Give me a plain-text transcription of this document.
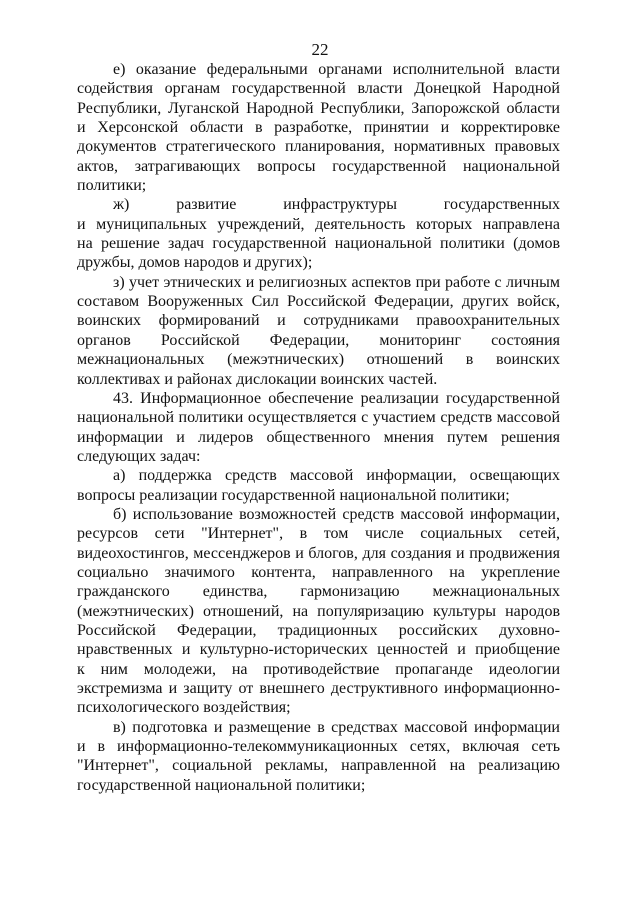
22
е) оказание федеральными органами исполнительной власти
содействия органам государственной власти Донецкой Народной
Республики, Луганской Народной Республики, Запорожской области
и Херсонской области в разработке, принятии и корректировке
документов стратегического планирования, нормативных правовых
актов, затрагивающих вопросы государственной национальной
политики;
ж) развитие инфраструктуры государственных
и муниципальных учреждений, деятельность которых направлена
на решение задач государственной национальной политики (домов
дружбы, домов народов и других);
з) учет этнических и религиозных аспектов при работе с личным
составом Вооруженных Сил Российской Федерации, других войск,
воинских формирований и сотрудниками правоохранительных
органов Российской Федерации, мониторинг состояния
межнациональных (межэтнических) отношений в воинских
коллективах и районах дислокации воинских частей.
43. Информационное обеспечение реализации государственной
национальной политики осуществляется с участием средств массовой
информации и лидеров общественного мнения путем решения
следующих задач:
а) поддержка средств массовой информации, освещающих
вопросы реализации государственной национальной политики;
б) использование возможностей средств массовой информации,
ресурсов сети "Интернет", в том числе социальных сетей,
видеохостингов, мессенджеров и блогов, для создания и продвижения
социально значимого контента, направленного на укрепление
гражданского единства, гармонизацию межнациональных
(межэтнических) отношений, на популяризацию культуры народов
Российской Федерации, традиционных российских духовно-
нравственных и культурно-исторических ценностей и приобщение
к ним молодежи, на противодействие пропаганде идеологии
экстремизма и защиту от внешнего деструктивного информационно-
психологического воздействия;
в) подготовка и размещение в средствах массовой информации
и в информационно-телекоммуникационных сетях, включая сеть
"Интернет", социальной рекламы, направленной на реализацию
государственной национальной политики;
